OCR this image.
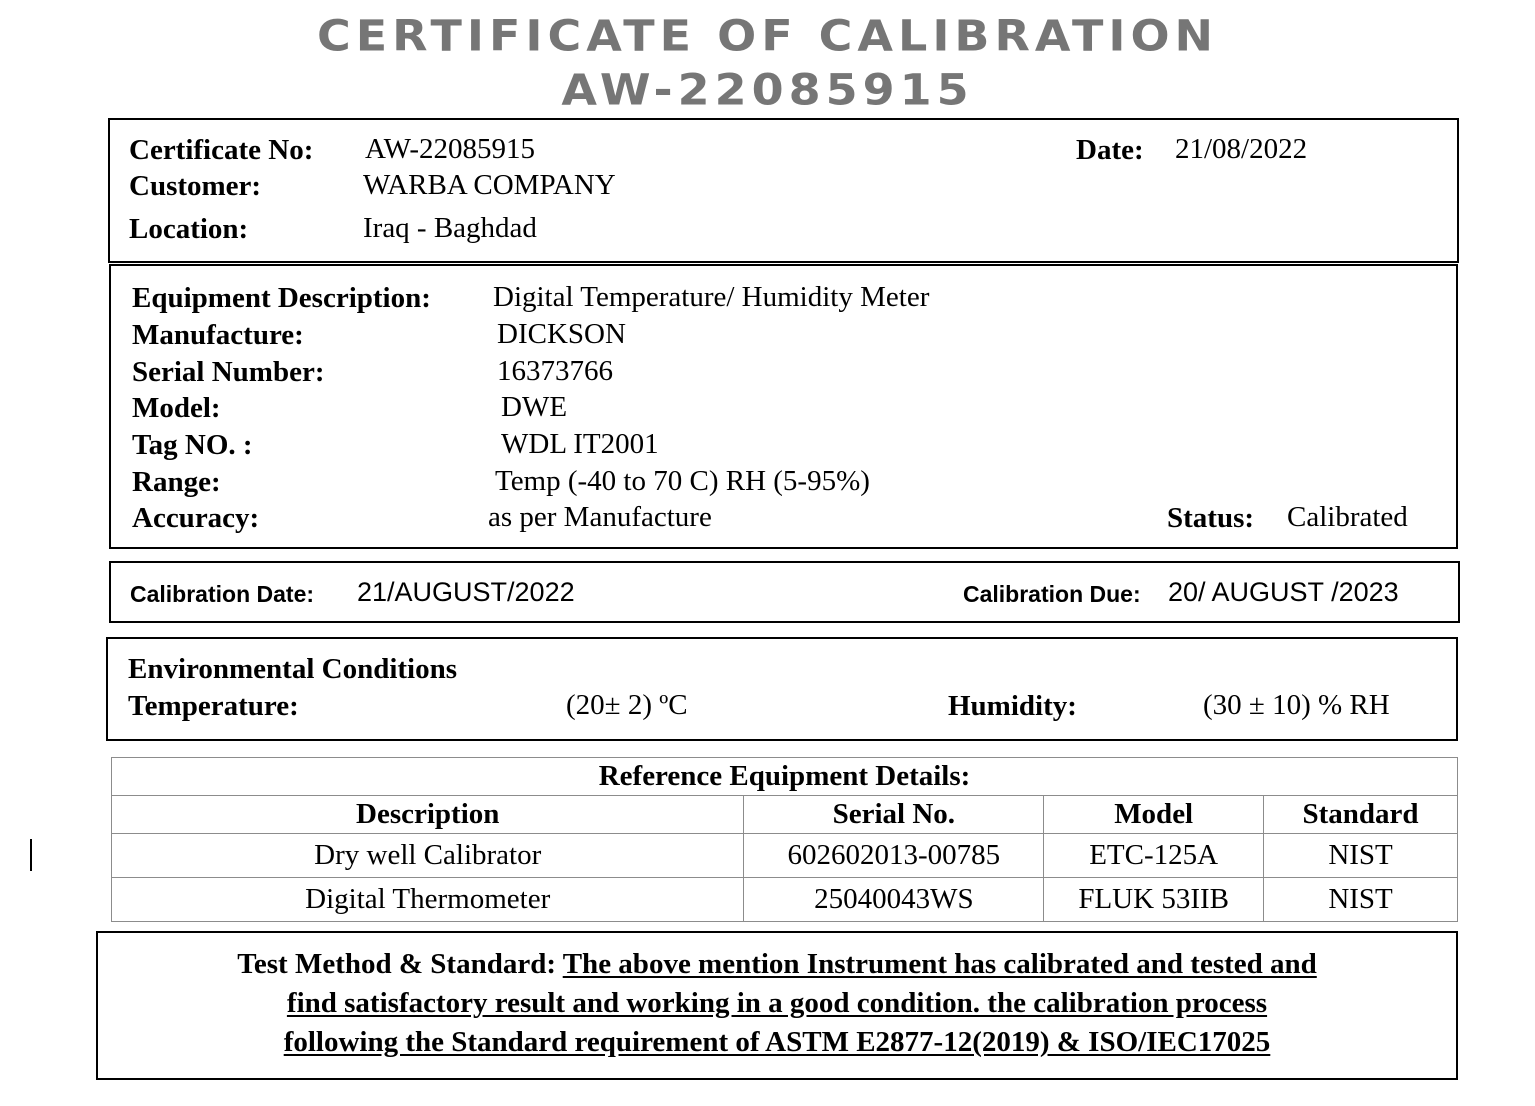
CERTIFICATE OF CALIBRATION
AW-22085915
Certificate No: AW-22085915	Date: 21/08/2022
Customer:	WARBA COMPANY
Location:	Iraq - Baghdad
Equipment Description: Digital Temperature/ Humidity Meter
Manufacture:	DICKSON
Serial Number:	16373766
Model:	DWE
Tag NO. :	WDL IT2001
Range:	Temp (-40 to 70 C) RH (5-95%)
Accuracy:	as per Manufacture	Status: Calibrated
Calibration Date: 21/AUGUST/2022	Calibration Due: 20/ AUGUST /2023
Environmental Conditions
Temperature:	(20± 2) ºC	Humidity:	(30 ± 10) % RH
Reference Equipment Details:			
Description	Serial No.	Model	Standard
Dry well Calibrator	602602013-00785	ETC-125A	NIST
Digital Thermometer	25040043WS	FLUK 53IIB	NIST
Test Method & Standard: The above mention Instrument has calibrated and tested and
find satisfactory result and working in a good condition. the calibration process
following the Standard requirement of ASTM E2877-12(2019) & ISO/IEC17025
